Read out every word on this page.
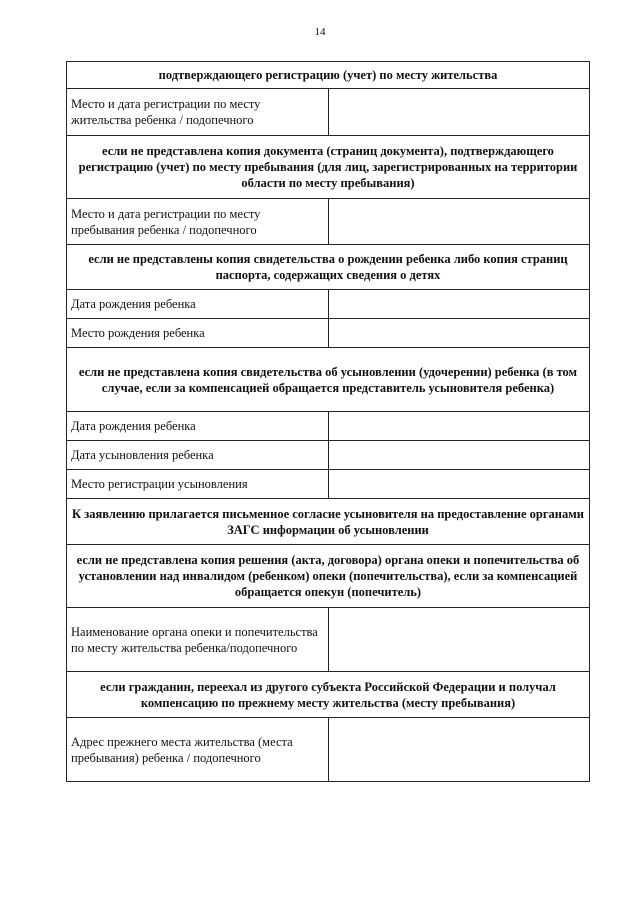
14
подтверждающего регистрацию (учет) по месту жительства	
Место и дата регистрации по месту жительства ребенка / подопечного	
если не представлена копия документа (страниц документа), подтверждающего регистрацию (учет) по месту пребывания (для лиц, зарегистрированных на территории области по месту пребывания)	
Место и дата регистрации по месту пребывания ребенка / подопечного	
если не представлены копия свидетельства о рождении ребенка либо копия страниц паспорта, содержащих сведения о детях	
Дата рождения ребенка	
Место рождения ребенка	
если не представлена копия свидетельства об усыновлении (удочерении) ребенка (в том случае, если за компенсацией обращается представитель усыновителя ребенка)	
Дата рождения ребенка	
Дата усыновления ребенка	
Место регистрации усыновления	
К заявлению прилагается письменное согласие усыновителя на предоставление органами ЗАГС информации об усыновлении	
если не представлена копия решения (акта, договора) органа опеки и попечительства об установлении над инвалидом (ребенком) опеки (попечительства), если за компенсацией обращается опекун (попечитель)	
Наименование органа опеки и попечительства по месту жительства ребенка/подопечного	
если гражданин, переехал из другого субъекта Российской Федерации и получал компенсацию по прежнему месту жительства (месту пребывания)	
Адрес прежнего места жительства (места пребывания) ребенка / подопечного	
